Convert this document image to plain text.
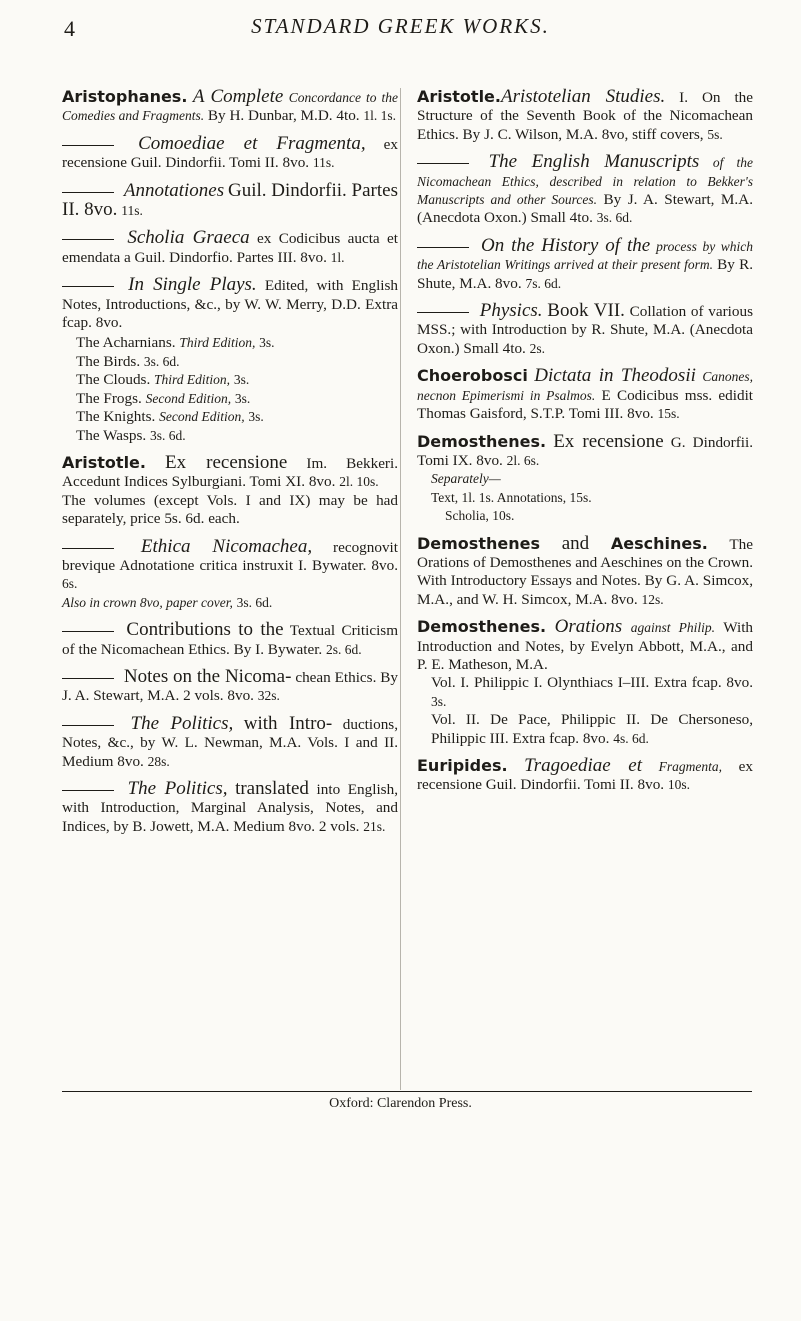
4	STANDARD GREEK WORKS.
Aristophanes. A Complete Concordance to the Comedies and Fragments. By H. Dunbar, M.D. 4to. 1l. 1s.
Comoediae et Fragmenta, ex recensione Guil. Dindorfii. Tomi II. 8vo. 11s.
Annotationes Guil. Dindorfii. Partes II. 8vo. 11s.
Scholia Graeca ex Codicibus aucta et emendata a Guil. Dindorfio. Partes III. 8vo. 1l.
In Single Plays. Edited, with English Notes, Introductions, &c., by W. W. Merry, D.D. Extra fcap. 8vo.
The Acharnians. Third Edition, 3s.
The Birds. 3s. 6d.
The Clouds. Third Edition, 3s.
The Frogs. Second Edition, 3s.
The Knights. Second Edition, 3s.
The Wasps. 3s. 6d.
Aristotle. Ex recensione Im. Bekkeri. Accedunt Indices Sylburgiani. Tomi XI. 8vo. 2l. 10s.
The volumes (except Vols. I and IX) may be had separately, price 5s. 6d. each.
Ethica Nicomachea, recognovit brevique Adnotatione critica instruxit I. Bywater. 8vo. 6s.
Also in crown 8vo, paper cover, 3s. 6d.
Contributions to the Textual Criticism of the Nicomachean Ethics. By I. Bywater. 2s. 6d.
Notes on the Nicoma- chean Ethics. By J. A. Stewart, M.A. 2 vols. 8vo. 32s.
The Politics, with Intro- ductions, Notes, &c., by W. L. Newman, M.A. Vols. I and II. Medium 8vo. 28s.
The Politics, translated into English, with Introduction, Marginal Analysis, Notes, and Indices, by B. Jowett, M.A. Medium 8vo. 2 vols. 21s.
Aristotle.Aristotelian Studies. I. On the Structure of the Seventh Book of the Nicomachean Ethics. By J. C. Wilson, M.A. 8vo, stiff covers, 5s.
The English Manuscripts of the Nicomachean Ethics, described in relation to Bekker's Manuscripts and other Sources. By J. A. Stewart, M.A. (Anecdota Oxon.) Small 4to. 3s. 6d.
On the History of the process by which the Aristotelian Writings arrived at their present form. By R. Shute, M.A. 8vo. 7s. 6d.
Physics. Book VII. Collation of various MSS.; with Introduction by R. Shute, M.A. (Anecdota Oxon.) Small 4to. 2s.
Choerobosci Dictata in Theodosii Canones, necnon Epimerismi in Psalmos. E Codicibus mss. edidit Thomas Gaisford, S.T.P. Tomi III. 8vo. 15s.
Demosthenes. Ex recensione G. Dindorfii. Tomi IX. 8vo. 2l. 6s.
Separately—
Text, 1l. 1s. Annotations, 15s.
Scholia, 10s.
Demosthenes and Aeschines. The Orations of Demosthenes and Aeschines on the Crown. With Introductory Essays and Notes. By G. A. Simcox, M.A., and W. H. Simcox, M.A. 8vo. 12s.
Demosthenes. Orations against Philip. With Introduction and Notes, by Evelyn Abbott, M.A., and P. E. Matheson, M.A.
Vol. I. Philippic I. Olynthiacs I–III. Extra fcap. 8vo. 3s.
Vol. II. De Pace, Philippic II. De Chersoneso, Philippic III. Extra fcap. 8vo. 4s. 6d.
Euripides. Tragoediae et Fragmenta, ex recensione Guil. Dindorfii. Tomi II. 8vo. 10s.
Oxford: Clarendon Press.
